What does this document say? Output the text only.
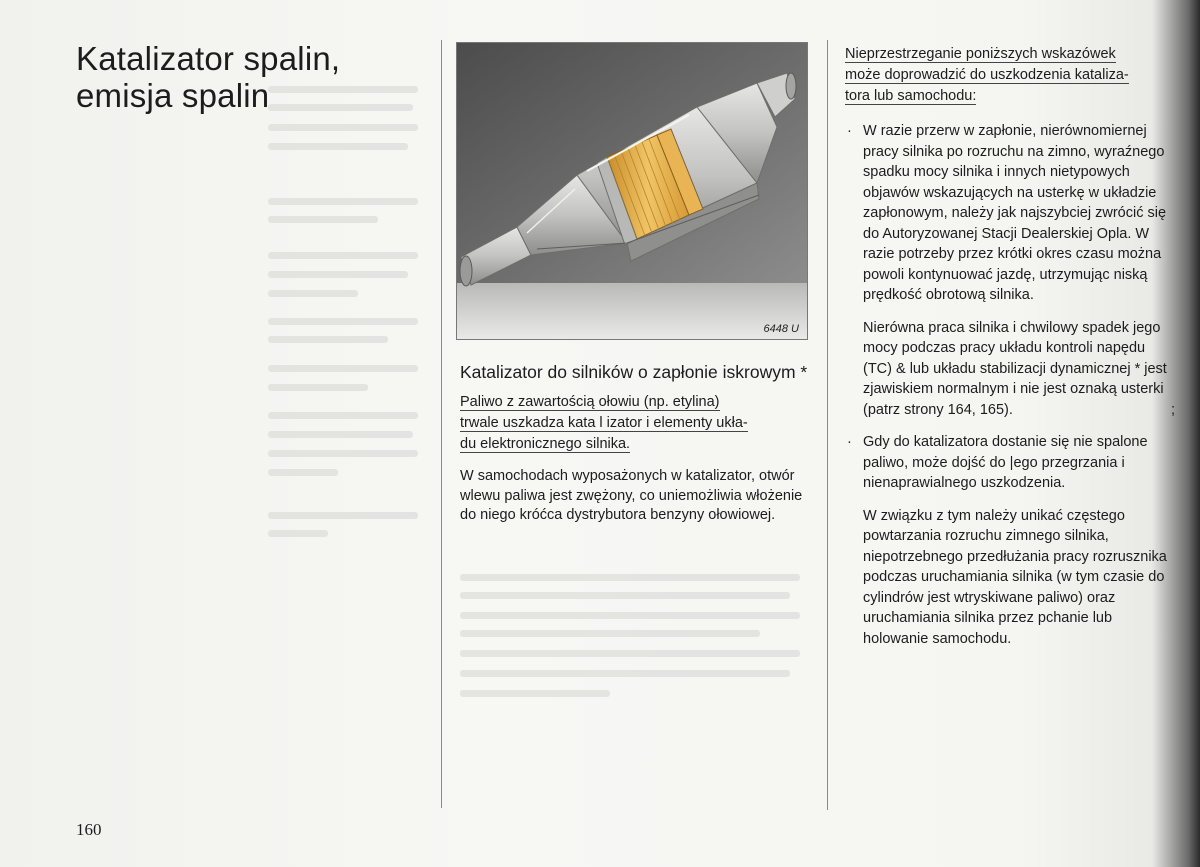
Katalizator spalin,
emisja spalin
160
6448 U
Katalizator do silników o zapłonie iskrowym *
Paliwo z zawartością ołowiu (np. etylina)
trwale uszkadza kata l izator i elementy ukła-
du elektronicznego silnika.

W samochodach wyposażonych w katalizator, otwór wlewu paliwa jest zwężony, co uniemożliwia włożenie do niego króćca dystrybutora benzyny ołowiowej.

Nieprzestrzeganie poniższych wskazówek
może doprowadzić do uszkodzenia kataliza-
tora lub samochodu:
· W razie przerw w zapłonie, nierównomiernej pracy silnika po rozruchu na zimno, wyraźnego spadku mocy silnika i innych nietypowych objawów wskazujących na usterkę w układzie zapłonowym, należy jak najszybciej zwrócić się do Autoryzowanej Stacji Dealerskiej Opla. W razie potrzeby przez krótki okres czasu można powoli kontynuować jazdę, utrzymując niską prędkość obrotową silnika.
Nierówna praca silnika i chwilowy spadek jego mocy podczas pracy układu kontroli napędu (TC) & lub układu stabilizacji dynamicznej * jest zjawiskiem normalnym i nie jest oznaką usterki (patrz strony 164, 165).	;
· Gdy do katalizatora dostanie się nie spalone paliwo, może dojść do |ego przegrzania i nienaprawialnego uszkodzenia.
W związku z tym należy unikać częstego powtarzania rozruchu zimnego silnika, niepotrzebnego przedłużania pracy rozrusznika podczas uruchamiania silnika (w tym czasie do cylindrów jest wtryskiwane paliwo) oraz uruchamiania silnika przez pchanie lub holowanie samochodu.
